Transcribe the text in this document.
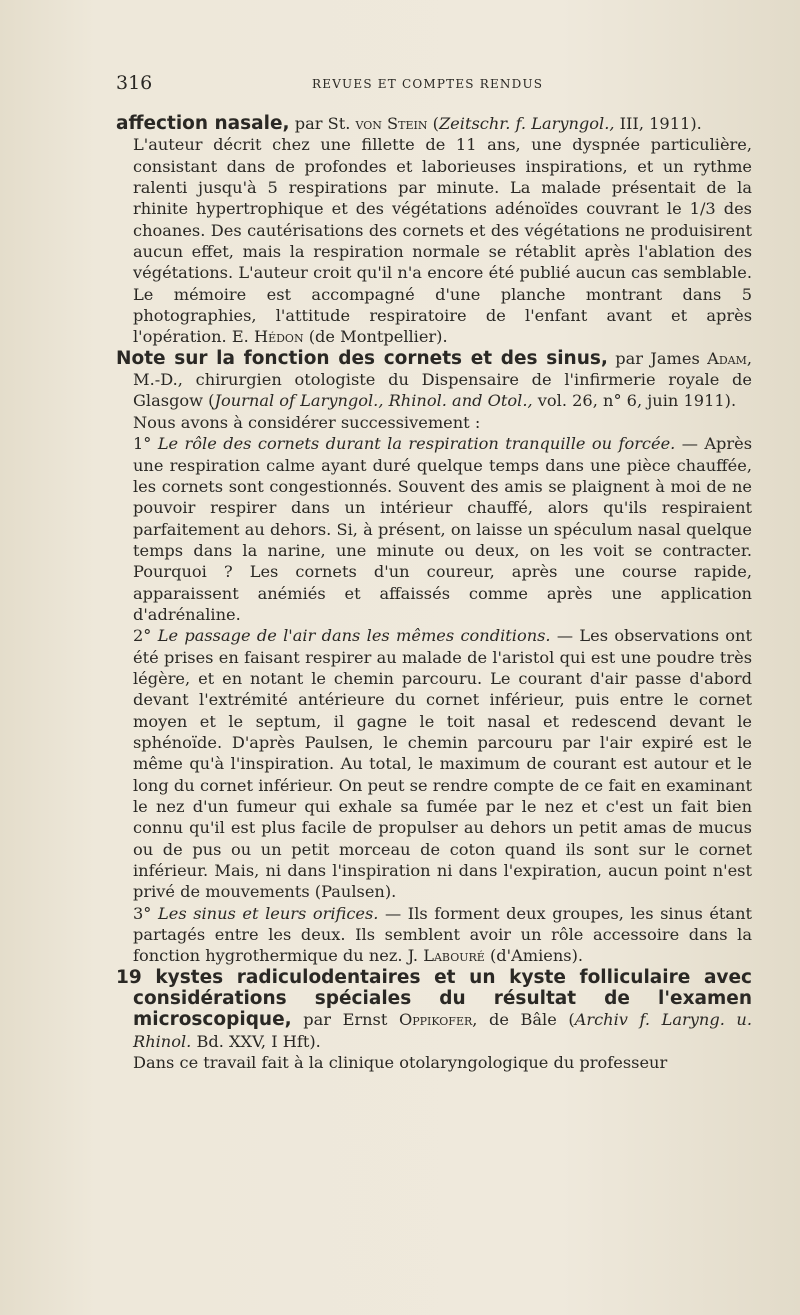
316	REVUES ET COMPTES RENDUS

affection nasale, par St. von Stein (Zeitschr. f. Laryngol., III, 1911).

L'auteur décrit chez une fillette de 11 ans, une dyspnée particulière, consistant dans de profondes et laborieuses inspirations, et un rythme ralenti jusqu'à 5 respirations par minute. La malade présentait de la rhinite hypertrophique et des végétations adénoïdes couvrant le 1/3 des choanes. Des cautérisations des cornets et des végétations ne produisirent aucun effet, mais la respiration normale se rétablit après l'ablation des végétations. L'auteur croit qu'il n'a encore été publié aucun cas semblable. Le mémoire est accompagné d'une planche montrant dans 5 photographies, l'attitude respiratoire de l'enfant avant et après l'opération. E. Hédon (de Montpellier).

Note sur la fonction des cornets et des sinus, par James Adam, M.-D., chirurgien otologiste du Dispensaire de l'infirmerie royale de Glasgow (Journal of Laryngol., Rhinol. and Otol., vol. 26, n° 6, juin 1911).

Nous avons à considérer successivement :

1° Le rôle des cornets durant la respiration tranquille ou forcée. — Après une respiration calme ayant duré quelque temps dans une pièce chauffée, les cornets sont congestionnés. Souvent des amis se plaignent à moi de ne pouvoir respirer dans un intérieur chauffé, alors qu'ils respiraient parfaitement au dehors. Si, à présent, on laisse un spéculum nasal quelque temps dans la narine, une minute ou deux, on les voit se contracter. Pourquoi ? Les cornets d'un coureur, après une course rapide, apparaissent anémiés et affaissés comme après une application d'adrénaline.

2° Le passage de l'air dans les mêmes conditions. — Les observations ont été prises en faisant respirer au malade de l'aristol qui est une poudre très légère, et en notant le chemin parcouru. Le courant d'air passe d'abord devant l'extrémité antérieure du cornet inférieur, puis entre le cornet moyen et le septum, il gagne le toit nasal et redescend devant le sphénoïde. D'après Paulsen, le chemin parcouru par l'air expiré est le même qu'à l'inspiration. Au total, le maximum de courant est autour et le long du cornet inférieur. On peut se rendre compte de ce fait en examinant le nez d'un fumeur qui exhale sa fumée par le nez et c'est un fait bien connu qu'il est plus facile de propulser au dehors un petit amas de mucus ou de pus ou un petit morceau de coton quand ils sont sur le cornet inférieur. Mais, ni dans l'inspiration ni dans l'expiration, aucun point n'est privé de mouvements (Paulsen).

3° Les sinus et leurs orifices. — Ils forment deux groupes, les sinus étant partagés entre les deux. Ils semblent avoir un rôle accessoire dans la fonction hygrothermique du nez. J. Labouré (d'Amiens).

19 kystes radiculodentaires et un kyste folliculaire avec considérations spéciales du résultat de l'examen microscopique, par Ernst Oppikofer, de Bâle (Archiv f. Laryng. u. Rhinol. Bd. XXV, I Hft).

Dans ce travail fait à la clinique otolaryngologique du professeur
